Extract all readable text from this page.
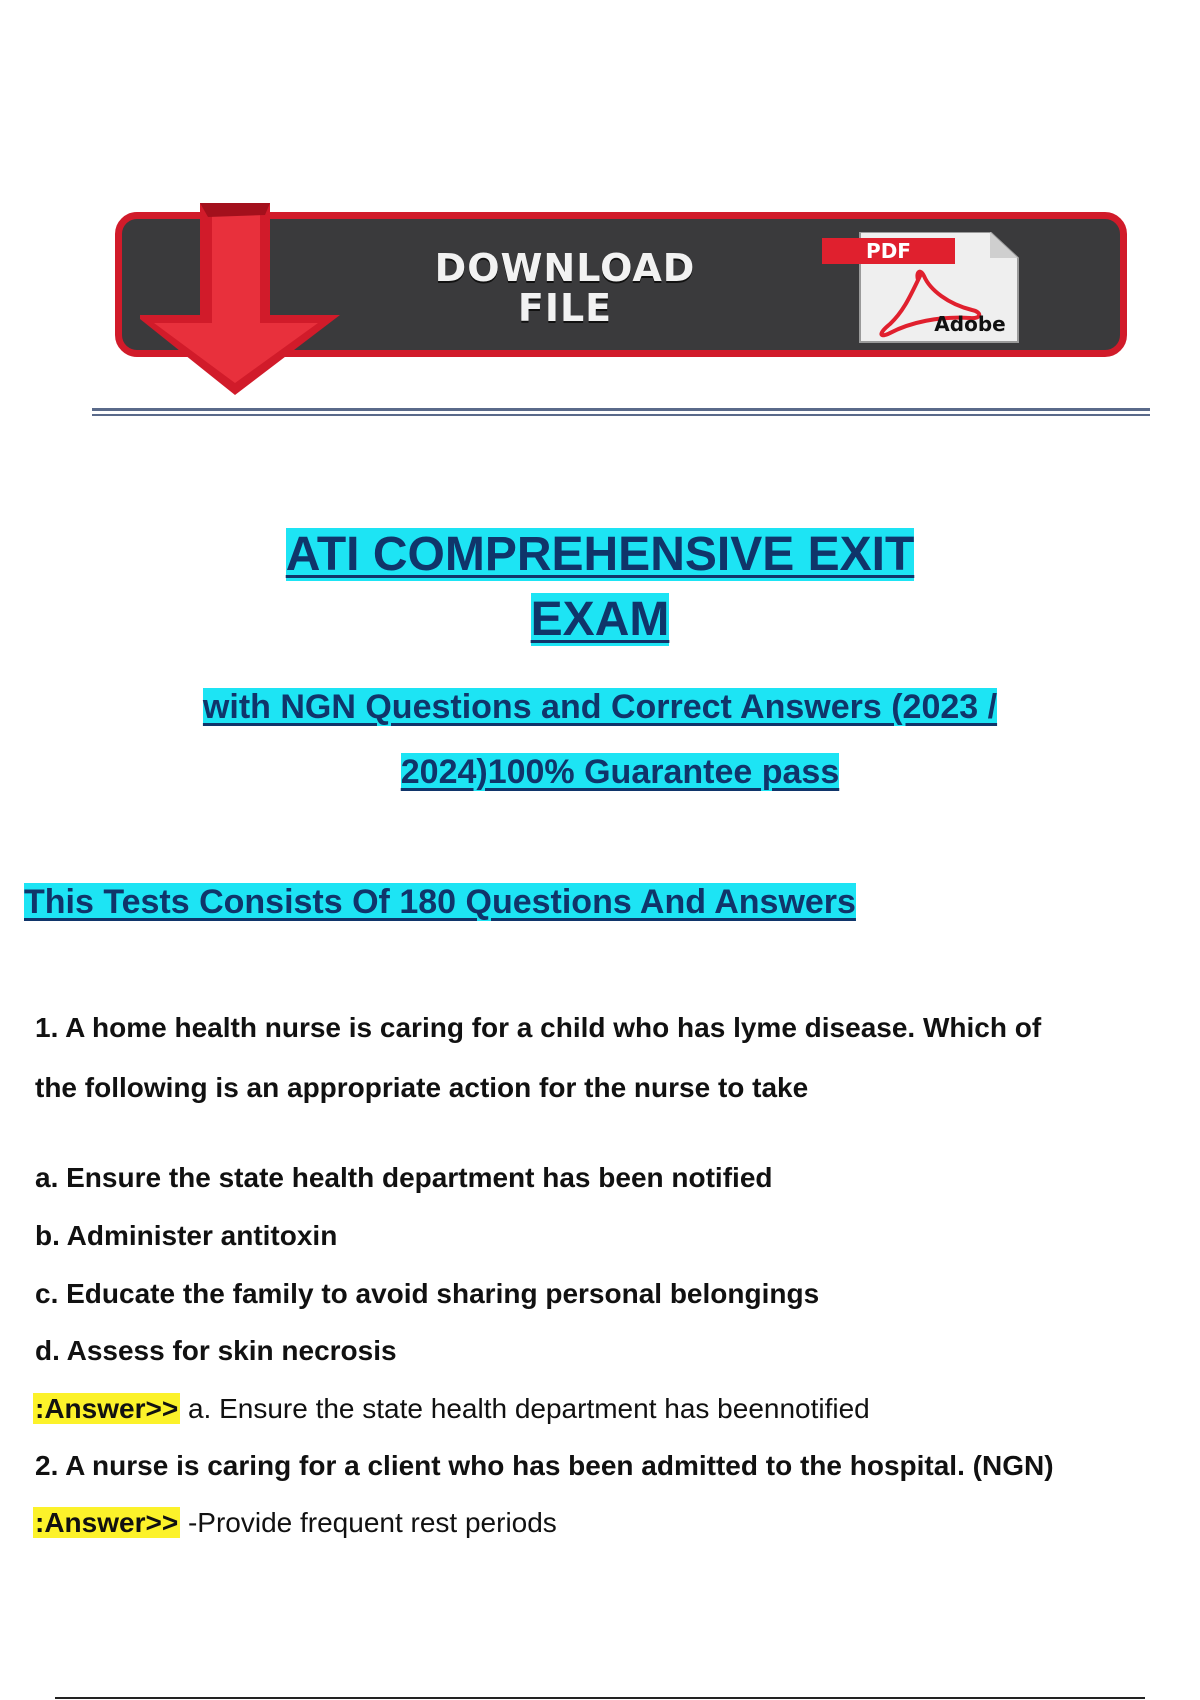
DOWNLOAD
FILE
PDF
Adobe
ATI COMPREHENSIVE EXIT
EXAM
with NGN Questions and Correct Answers (2023 /
2024)100% Guarantee pass
This Tests Consists Of 180 Questions And Answers
1. A home health nurse is caring for a child who has lyme disease. Which of
the following is an appropriate action for the nurse to take
a. Ensure the state health department has been notified
b. Administer antitoxin
c. Educate the family to avoid sharing personal belongings
d. Assess for skin necrosis
:Answer>> a. Ensure the state health department has beennotified
2. A nurse is caring for a client who has been admitted to the hospital. (NGN)
:Answer>> -Provide frequent rest periods
